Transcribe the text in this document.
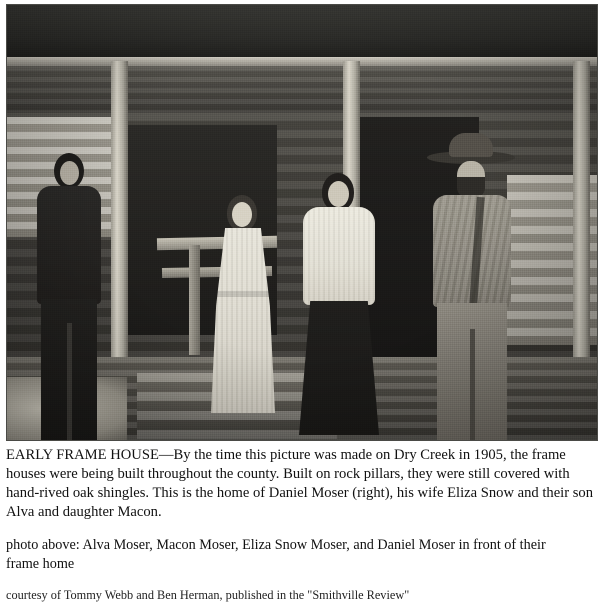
EARLY FRAME HOUSE—By the time this picture was made on Dry Creek in 1905, the frame houses were being built throughout the county. Built on rock pillars, they were still covered with hand-rived oak shingles. This is the home of Daniel Moser (right), his wife Eliza Snow and their son Alva and daughter Macon.

photo above: Alva Moser, Macon Moser, Eliza Snow Moser, and Daniel Moser in front of their frame home

courtesy of Tommy Webb and Ben Herman, published in the "Smithville Review"
